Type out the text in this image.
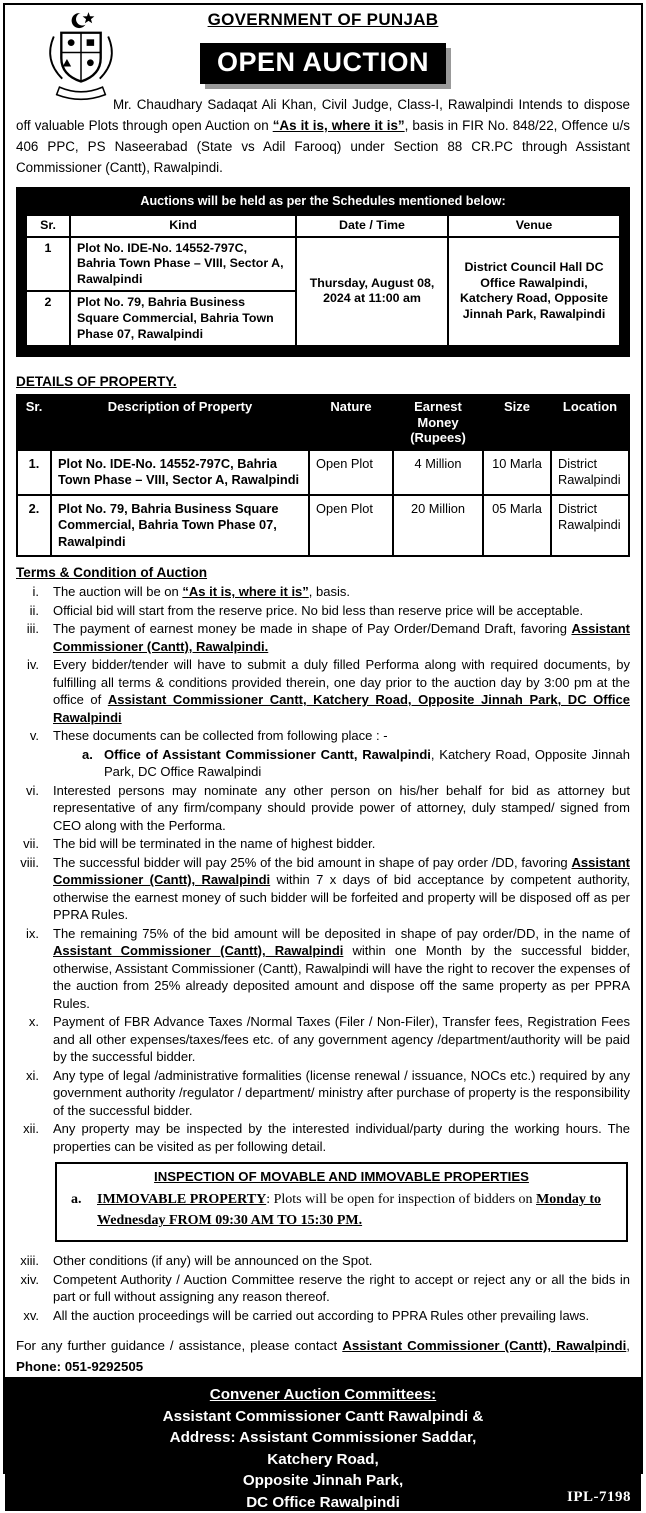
GOVERNMENT OF PUNJAB
OPEN AUCTION

Mr. Chaudhary Sadaqat Ali Khan, Civil Judge, Class-I, Rawalpindi Intends to dispose off valuable Plots through open Auction on “As it is, where it is”, basis in FIR No. 848/22, Offence u/s 406 PPC, PS Naseerabad (State vs Adil Farooq) under Section 88 CR.PC through Assistant Commissioner (Cantt), Rawalpindi.

Auctions will be held as per the Schedules mentioned below:
Sr.	Kind	Date / Time	Venue
1	Plot No. IDE-No. 14552-797C, Bahria Town Phase – VIII, Sector A, Rawalpindi	Thursday, August 08, 2024 at 11:00 am	District Council Hall DC Office Rawalpindi, Katchery Road, Opposite Jinnah Park, Rawalpindi
2	Plot No. 79, Bahria Business Square Commercial, Bahria Town Phase 07, Rawalpindi		
DETAILS OF PROPERTY.
Sr.	Description of Property	Nature	Earnest Money (Rupees)	Size	Location
1.	Plot No. IDE-No. 14552-797C, Bahria Town Phase – VIII, Sector A, Rawalpindi	Open Plot	4 Million	10 Marla	District Rawalpindi
2.	Plot No. 79, Bahria Business Square Commercial, Bahria Town Phase 07, Rawalpindi	Open Plot	20 Million	05 Marla	District Rawalpindi
Terms & Condition of Auction
i.	The auction will be on “As it is, where it is”, basis.
ii.	Official bid will start from the reserve price. No bid less than reserve price will be acceptable.
iii.	The payment of earnest money be made in shape of Pay Order/Demand Draft, favoring Assistant Commissioner (Cantt), Rawalpindi.
iv.	Every bidder/tender will have to submit a duly filled Performa along with required documents, by fulfilling all terms & conditions provided therein, one day prior to the auction day by 3:00 pm at the office of Assistant Commissioner Cantt, Katchery Road, Opposite Jinnah Park, DC Office Rawalpindi
v.	These documents can be collected from following place : -
a. Office of Assistant Commissioner Cantt, Rawalpindi, Katchery Road, Opposite Jinnah Park, DC Office Rawalpindi
vi.	Interested persons may nominate any other person on his/her behalf for bid as attorney but representative of any firm/company should provide power of attorney, duly stamped/ signed from CEO along with the Performa.
vii.	The bid will be terminated in the name of highest bidder.
viii.	The successful bidder will pay 25% of the bid amount in shape of pay order /DD, favoring Assistant Commissioner (Cantt), Rawalpindi within 7 x days of bid acceptance by competent authority, otherwise the earnest money of such bidder will be forfeited and property will be disposed off as per PPRA Rules.
ix.	The remaining 75% of the bid amount will be deposited in shape of pay order/DD, in the name of Assistant Commissioner (Cantt), Rawalpindi within one Month by the successful bidder, otherwise, Assistant Commissioner (Cantt), Rawalpindi will have the right to recover the expenses of the auction from 25% already deposited amount and dispose off the same property as per PPRA Rules.
x.	Payment of FBR Advance Taxes /Normal Taxes (Filer / Non-Filer), Transfer fees, Registration Fees and all other expenses/taxes/fees etc. of any government agency /department/authority will be paid by the successful bidder.
xi.	Any type of legal /administrative formalities (license renewal / issuance, NOCs etc.) required by any government authority /regulator / department/ ministry after purchase of property is the responsibility of the successful bidder.
xii.	Any property may be inspected by the interested individual/party during the working hours. The properties can be visited as per following detail.
INSPECTION OF MOVABLE AND IMMOVABLE PROPERTIES
a.	IMMOVABLE PROPERTY: Plots will be open for inspection of bidders on Monday to Wednesday FROM 09:30 AM TO 15:30 PM.
xiii.	Other conditions (if any) will be announced on the Spot.
xiv.	Competent Authority / Auction Committee reserve the right to accept or reject any or all the bids in part or full without assigning any reason thereof.
xv.	All the auction proceedings will be carried out according to PPRA Rules other prevailing laws.

For any further guidance / assistance, please contact Assistant Commissioner (Cantt), Rawalpindi, Phone: 051-9292505

Convener Auction Committees:
Assistant Commissioner Cantt Rawalpindi &
Address: Assistant Commissioner Saddar,
Katchery Road,
Opposite Jinnah Park,
DC Office Rawalpindi	IPL-7198
